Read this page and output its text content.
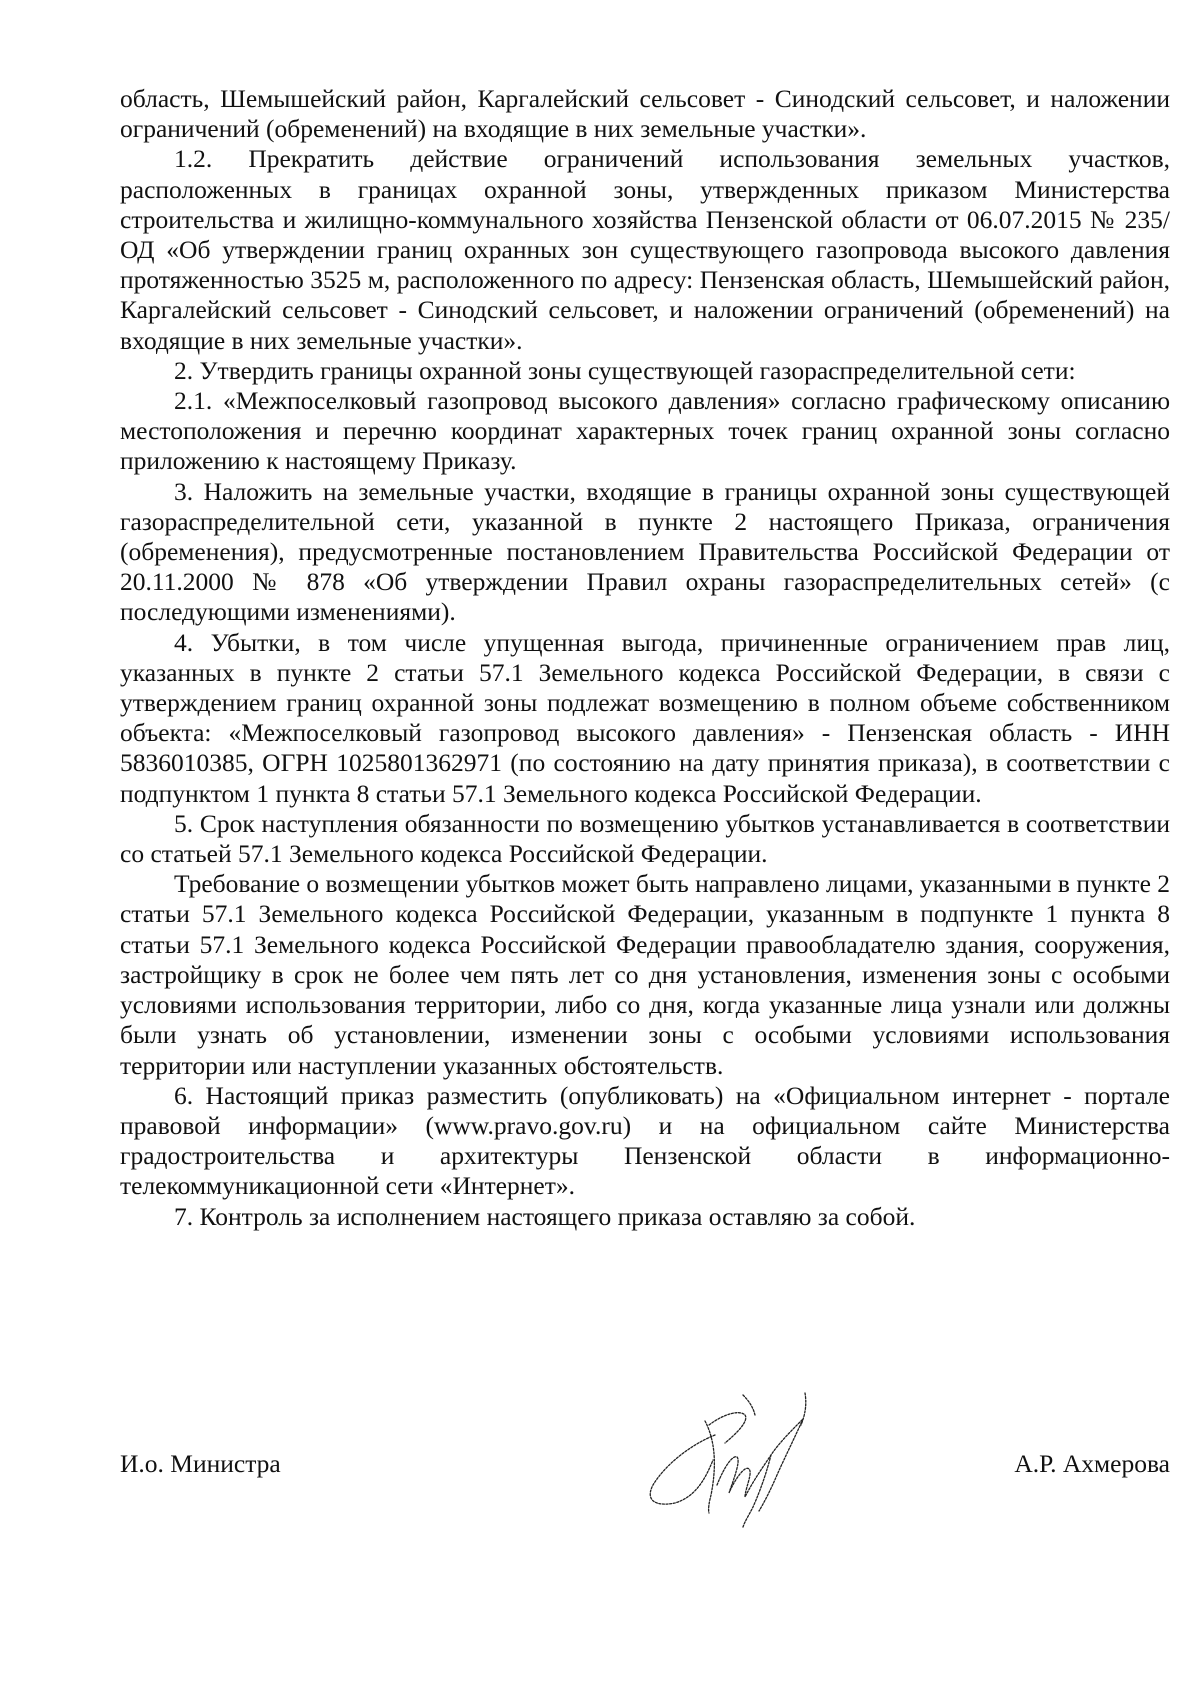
область, Шемышейский район, Каргалейский сельсовет - Синодский сельсовет, и наложении ограничений (обременений) на входящие в них земельные участки».

1.2. Прекратить действие ограничений использования земельных участков, расположенных в границах охранной зоны, утвержденных приказом Министерства строительства и жилищно-коммунального хозяйства Пензенской области от 06.07.2015 № 235/ОД «Об утверждении границ охранных зон существующего газопровода высокого давления протяженностью 3525 м, расположенного по адресу: Пензенская область, Шемышейский район, Каргалейский сельсовет - Синодский сельсовет, и наложении ограничений (обременений) на входящие в них земельные участки».

2. Утвердить границы охранной зоны существующей газораспределительной сети:

2.1. «Межпоселковый газопровод высокого давления» согласно графическому описанию местоположения и перечню координат характерных точек границ охранной зоны согласно приложению к настоящему Приказу.

3. Наложить на земельные участки, входящие в границы охранной зоны существующей газораспределительной сети, указанной в пункте 2 настоящего Приказа, ограничения (обременения), предусмотренные постановлением Правительства Российской Федерации от 20.11.2000 № 878 «Об утверждении Правил охраны газораспределительных сетей» (с последующими изменениями).

4. Убытки, в том числе упущенная выгода, причиненные ограничением прав лиц, указанных в пункте 2 статьи 57.1 Земельного кодекса Российской Федерации, в связи с утверждением границ охранной зоны подлежат возмещению в полном объеме собственником объекта: «Межпоселковый газопровод высокого давления» - Пензенская область - ИНН 5836010385, ОГРН 1025801362971 (по состоянию на дату принятия приказа), в соответствии с подпунктом 1 пункта 8 статьи 57.1 Земельного кодекса Российской Федерации.

5. Срок наступления обязанности по возмещению убытков устанавливается в соответствии со статьей 57.1 Земельного кодекса Российской Федерации.

Требование о возмещении убытков может быть направлено лицами, указанными в пункте 2 статьи 57.1 Земельного кодекса Российской Федерации, указанным в подпункте 1 пункта 8 статьи 57.1 Земельного кодекса Российской Федерации правообладателю здания, сооружения, застройщику в срок не более чем пять лет со дня установления, изменения зоны с особыми условиями использования территории, либо со дня, когда указанные лица узнали или должны были узнать об установлении, изменении зоны с особыми условиями использования территории или наступлении указанных обстоятельств.

6. Настоящий приказ разместить (опубликовать) на «Официальном интернет - портале правовой информации» (www.pravo.gov.ru) и на официальном сайте Министерства градостроительства и архитектуры Пензенской области в информационно-телекоммуникационной сети «Интернет».

7. Контроль за исполнением настоящего приказа оставляю за собой.

И.о. Министра	А.Р. Ахмерова
